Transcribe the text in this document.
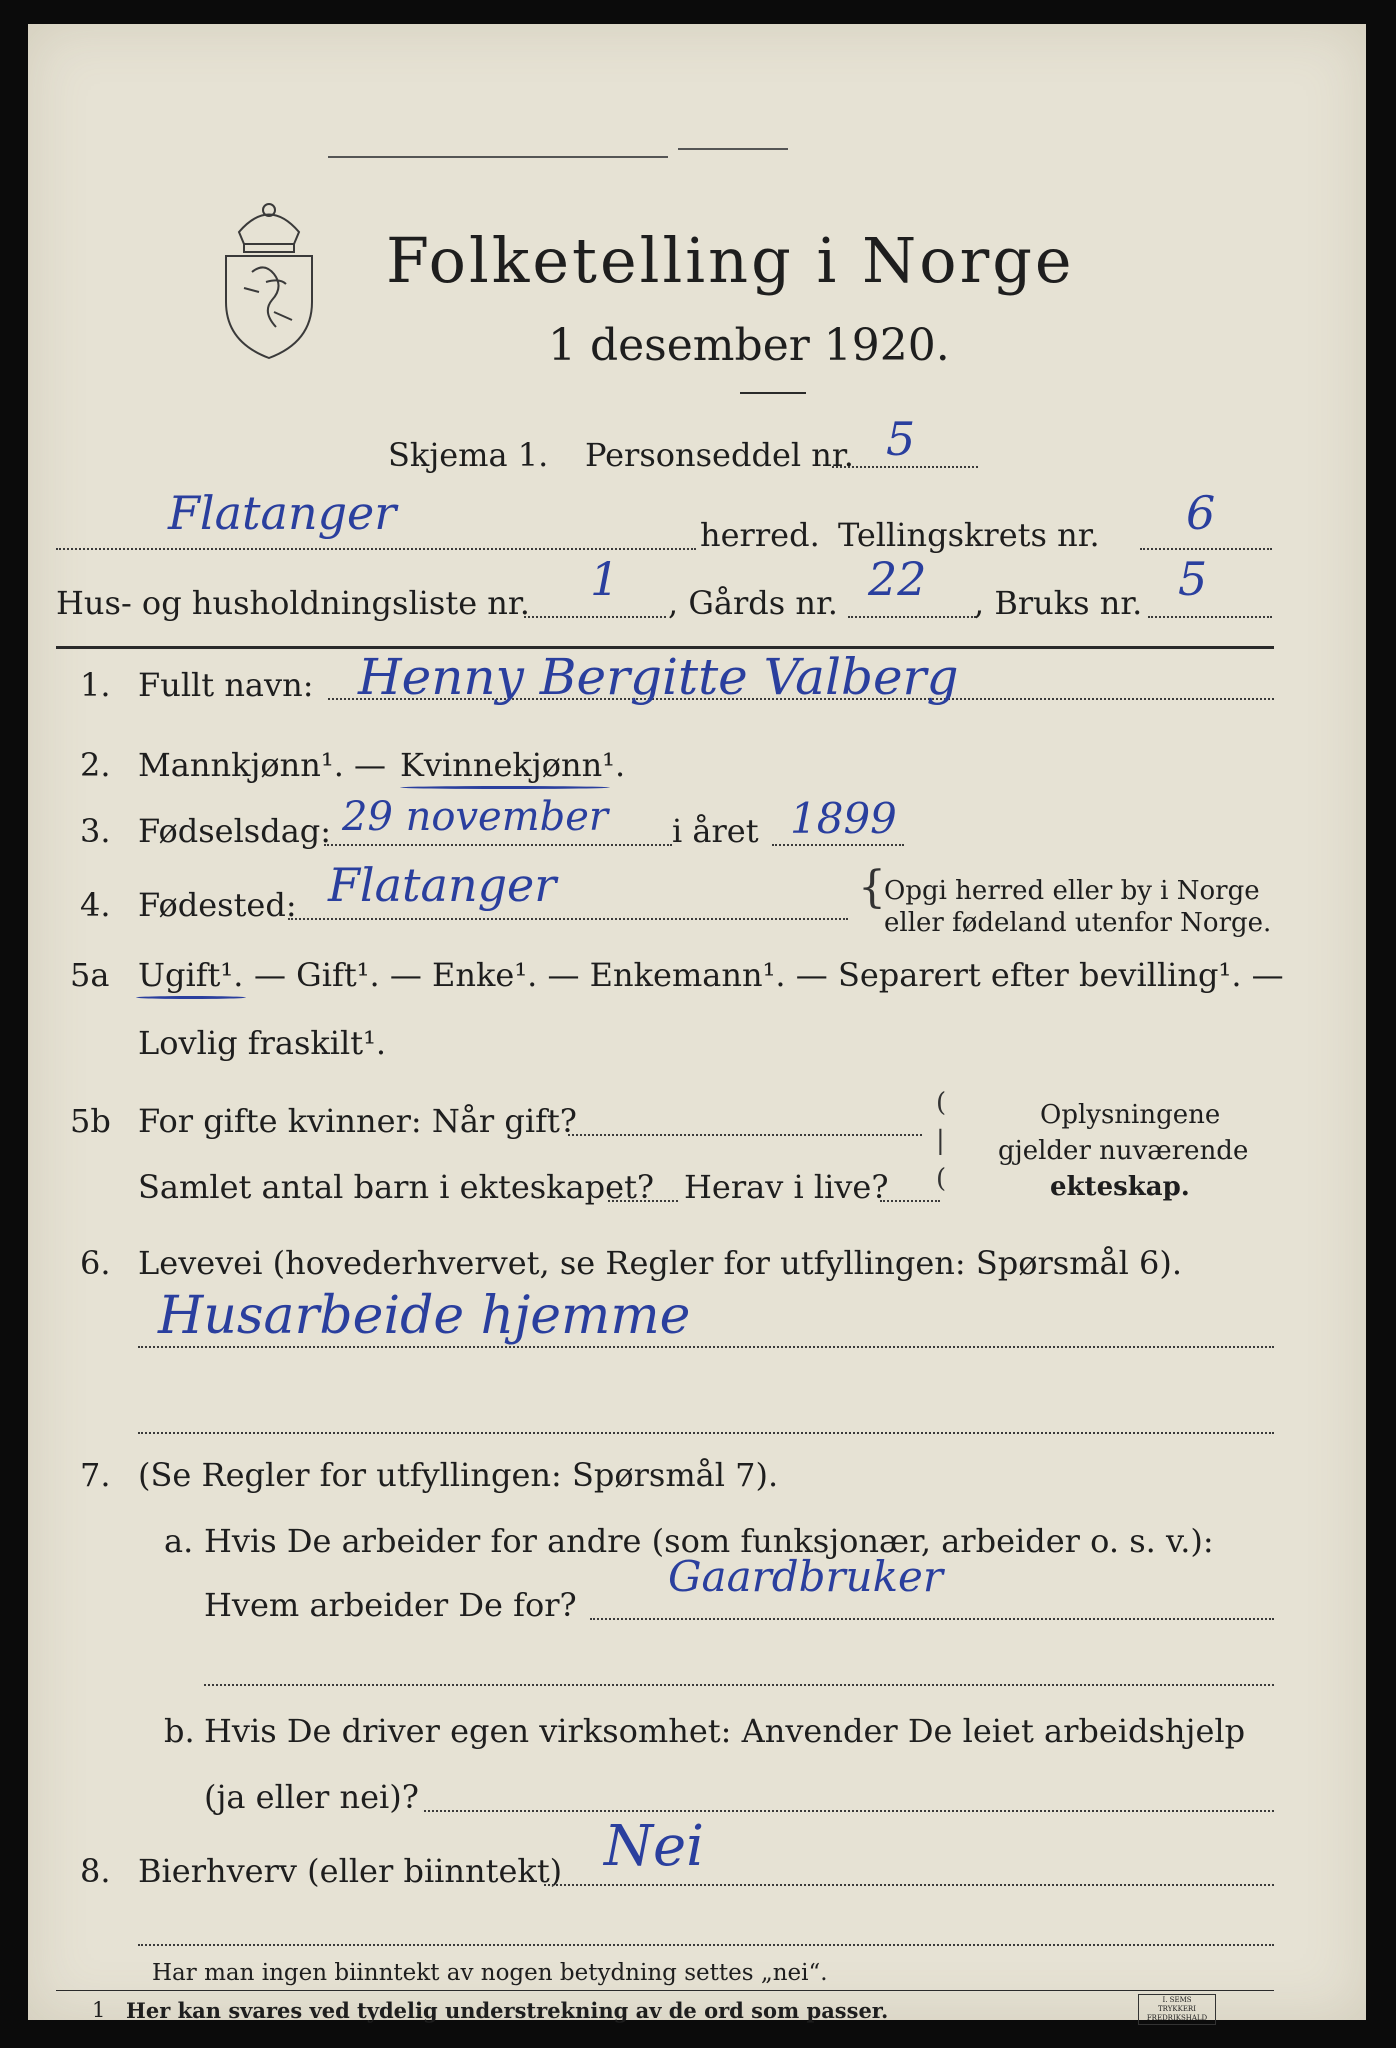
Folketelling i Norge
1 desember 1920.
Skjema 1. Personseddel nr. 5
Flatanger	herred. Tellingskrets nr. 6
Hus- og husholdningsliste nr. 1 , Gårds nr. 22 , Bruks nr. 5
1. Fullt navn: Henny Bergitte Valberg
2. Mannkjønn¹. — Kvinnekjønn¹.
3. Fødselsdag: 29 november i året 1899
4. Fødested: Flatanger	{
Opgi herred eller by i Norge
eller fødeland utenfor Norge.
5a Ugift¹. — Gift¹. — Enke¹. — Enkemann¹. — Separert efter bevilling¹. —
Lovlig fraskilt¹.
5b For gifte kvinner: Når gift?
Samlet antal barn i ekteskapet? Herav i live?
(
|
(
Oplysningene
gjelder nuværende
ekteskap.
6. Levevei (hovederhvervet, se Regler for utfyllingen: Spørsmål 6).
Husarbeide hjemme
7. (Se Regler for utfyllingen: Spørsmål 7).
a. Hvis De arbeider for andre (som funksjonær, arbeider o. s. v.):
Hvem arbeider De for?
Gaardbruker
b. Hvis De driver egen virksomhet: Anvender De leiet arbeidshjelp
(ja eller nei)?
8. Bierhverv (eller biinntekt) Nei
Har man ingen biinntekt av nogen betydning settes „nei“.
1 Her kan svares ved tydelig understrekning av de ord som passer.	I. SEMS TRYKKERI FREDRIKSHALD
